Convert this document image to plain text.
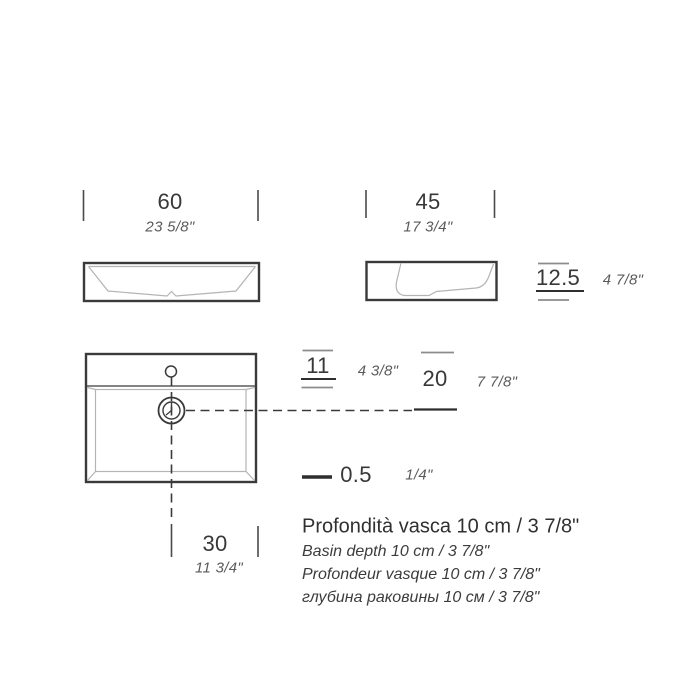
60
23 5/8"
45
17 3/4"
12.5 4 7/8"
11 4 3/8" 20 7 7/8"
0.5 1/4"
30
11 3/4"
Profondità vasca 10 cm / 3 7/8"
Basin depth 10 cm / 3 7/8"
Profondeur vasque 10 cm / 3 7/8"
глубина раковины 10 см / 3 7/8"
